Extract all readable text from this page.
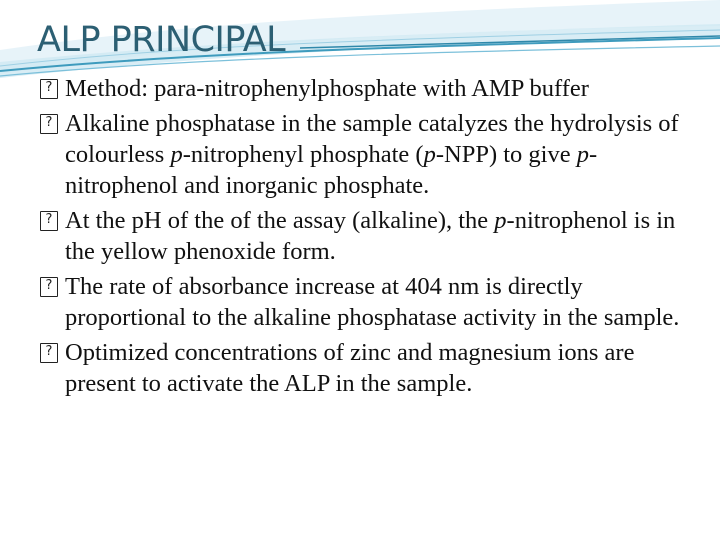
ALP PRINCIPAL
?
Method: para-nitrophenylphosphate with AMP buffer
?
Alkaline phosphatase in the sample catalyzes the hydrolysis of colourless p-nitrophenyl phosphate (p-NPP) to give p-nitrophenol and inorganic phosphate.
?
At the pH of the of the assay (alkaline), the p-nitrophenol is in the yellow phenoxide form.
?
The rate of absorbance increase at 404 nm is directly proportional to the alkaline phosphatase activity in the sample.
?
Optimized concentrations of zinc and magnesium ions are present to activate the ALP in the sample.
